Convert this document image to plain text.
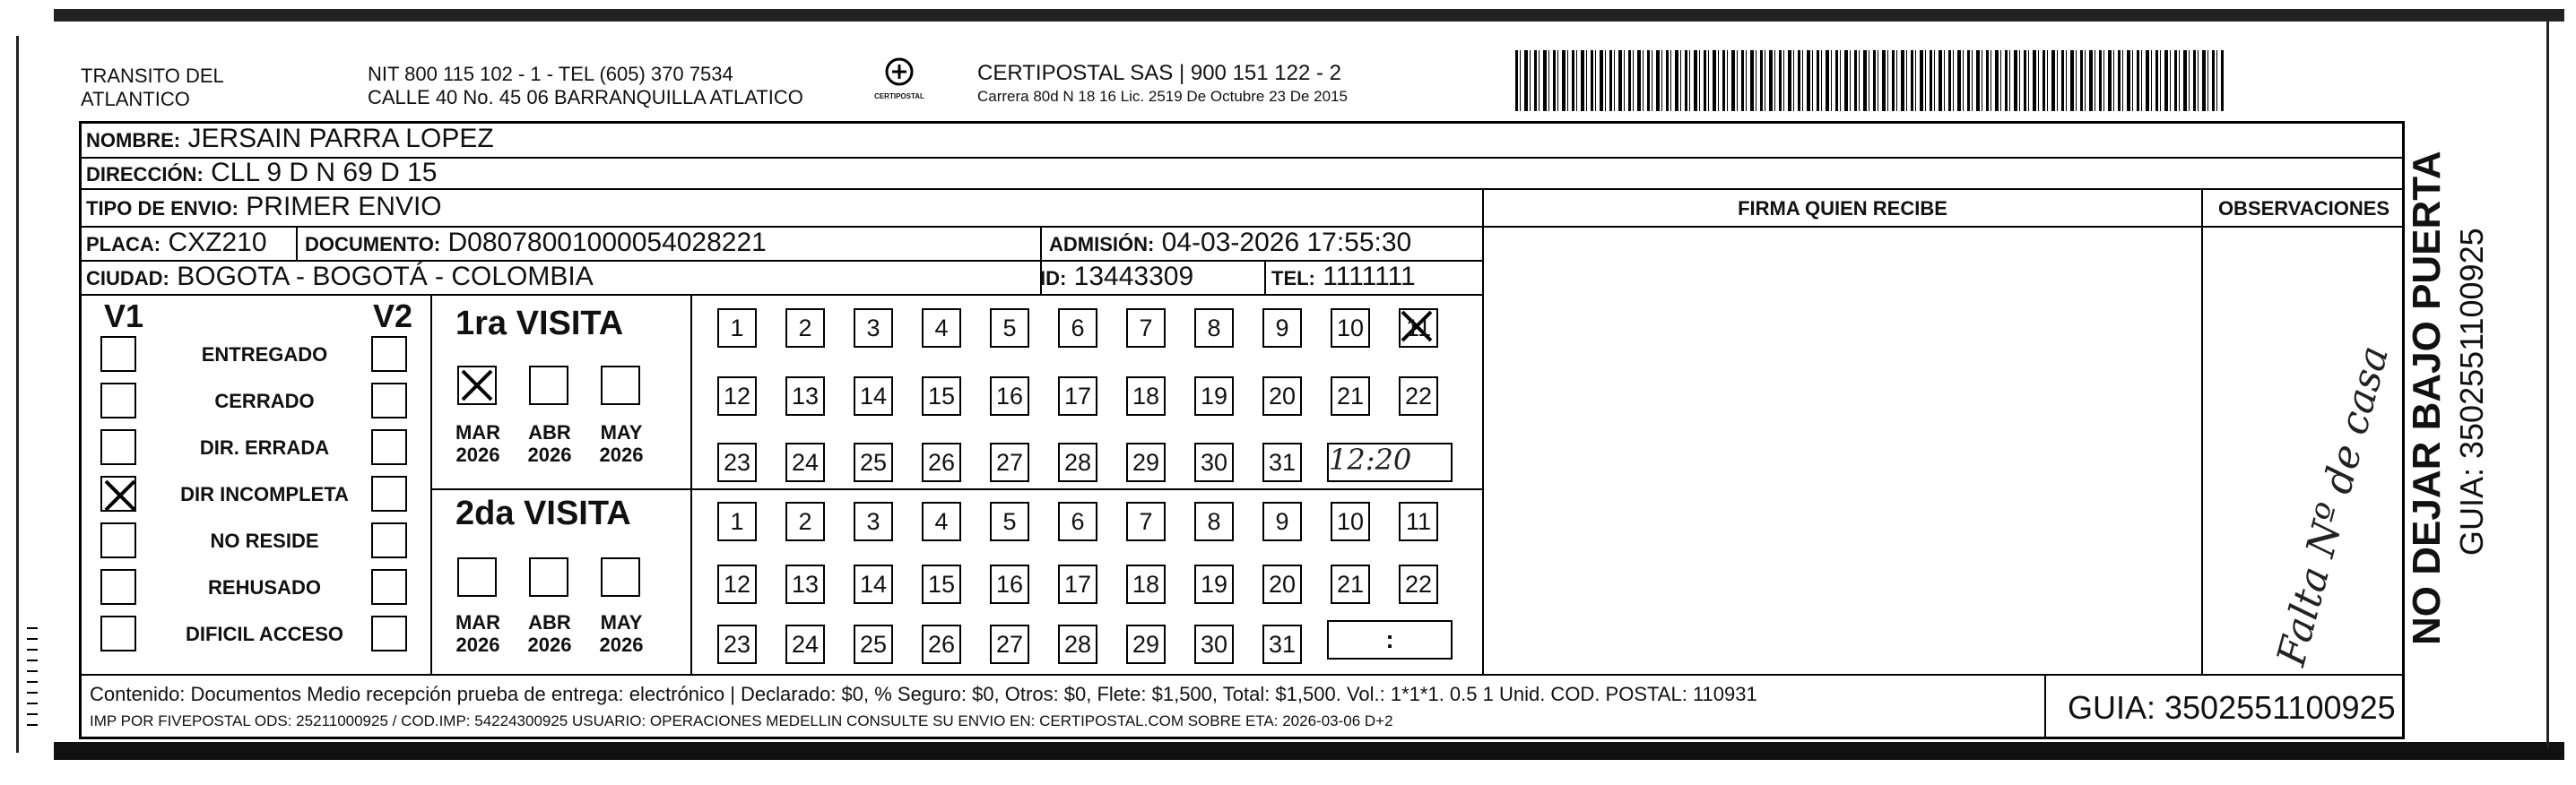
TRANSITO DEL ATLANTICO
NIT 800 115 102 - 1 - TEL (605) 370 7534
CALLE 40 No. 45 06 BARRANQUILLA ATLATICO	CERTIPOSTAL
CERTIPOSTAL SAS | 900 151 122 - 2
Carrera 80d N 18 16 Lic. 2519 De Octubre 23 De 2015
NOMBRE: JERSAIN PARRA LOPEZ
DIRECCIÓN: CLL 9 D N 69 D 15
TIPO DE ENVIO: PRIMER ENVIO
PLACA: CXZ210 DOCUMENTO: D08078001000054028221	ADMISIÓN: 04-03-2026 17:55:30
CIUDAD: BOGOTA - BOGOTÁ - COLOMBIA	ID: 13443309	TEL: 1111111
FIRMA QUIEN RECIBE	OBSERVACIONES
V1	V2
ENTREGADO
CERRADO
DIR. ERRADA
DIR INCOMPLETA
NO RESIDE
REHUSADO
DIFICIL ACCESO
1ra VISITA
2da VISITA
MAR
2026
ABR
2026
MAY
2026
MAR
2026
ABR
2026
MAY
2026
1	2	3	4	5	6	7	8	9	10 11
12 13 14 15 16 17 18 19 20 21 22
23 24 25 26 27 28 29 30 31
1	2	3	4	5	6	7	8	9	10 11
12 13 14 15 16 17 18 19 20 21 22
23 24 25 26 27 28 29 30 31
12:20
:	Falta Nº de casa
Contenido: Documentos Medio recepción prueba de entrega: electrónico | Declarado: $0, % Seguro: $0, Otros: $0, Flete: $1,500, Total: $1,500. Vol.: 1*1*1. 0.5 1 Unid. COD. POSTAL: 110931
IMP POR FIVEPOSTAL ODS: 25211000925 / COD.IMP: 54224300925 USUARIO: OPERACIONES MEDELLIN CONSULTE SU ENVIO EN: CERTIPOSTAL.COM SOBRE ETA: 2026-03-06 D+2	GUIA: 3502551100925
NO DEJAR BAJO PUERTA GUIA: 3502551100925
